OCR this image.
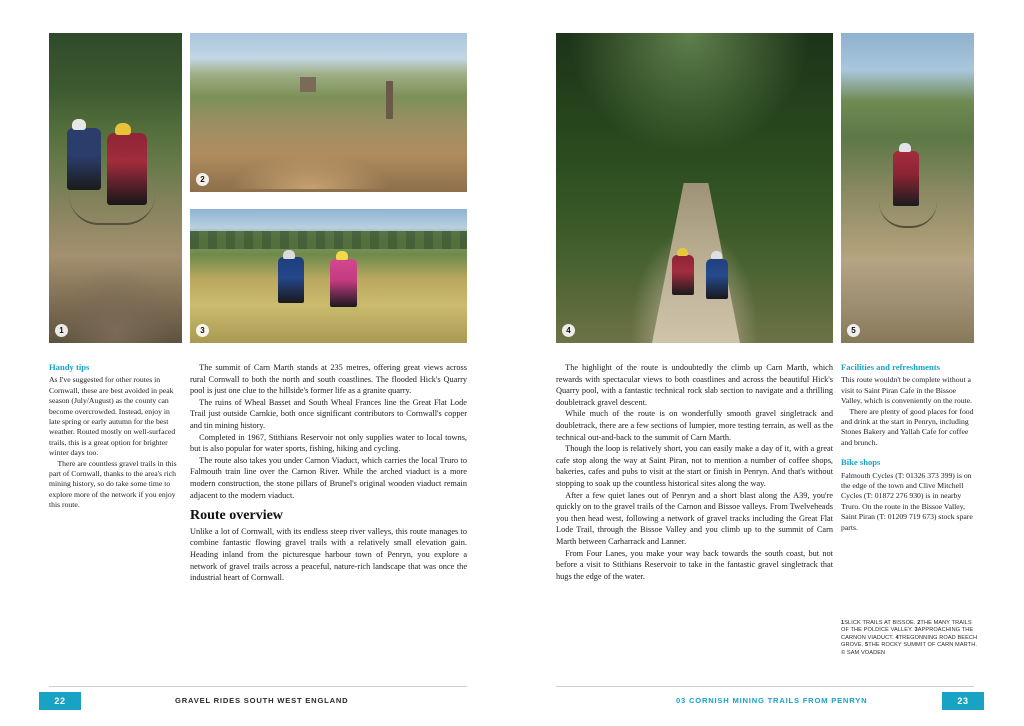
1
2
3	4	5
Handy tips

As I've suggested for other routes in Cornwall, these are best avoided in peak season (July/August) as the county can become overcrowded. Instead, enjoy in late spring or early autumn for the best weather. Routed mostly on well-surfaced trails, this is a great option for brighter winter days too.

There are countless gravel trails in this part of Cornwall, thanks to the area's rich mining history, so do take some time to explore more of the network if you enjoy this route.

The summit of Carn Marth stands at 235 metres, offering great views across rural Cornwall to both the north and south coastlines. The flooded Hick's Quarry pool is just one clue to the hillside's former life as a granite quarry.

The ruins of Wheal Basset and South Wheal Frances line the Great Flat Lode Trail just outside Carnkie, both once significant contributors to Cornwall's copper and tin mining history.

Completed in 1967, Stithians Reservoir not only supplies water to local towns, but is also popular for water sports, fishing, hiking and cycling.

The route also takes you under Carnon Viaduct, which carries the local Truro to Falmouth train line over the Carnon River. While the arched viaduct is a more modern construction, the stone pillars of Brunel's original wooden viaduct remain adjacent to the modern viaduct.

Route overview

Unlike a lot of Cornwall, with its endless steep river valleys, this route manages to combine fantastic flowing gravel trails with a relatively small elevation gain. Heading inland from the picturesque harbour town of Penryn, you explore a network of gravel trails across a peaceful, nature-rich landscape that was once the industrial heart of Cornwall.

The highlight of the route is undoubtedly the climb up Carn Marth, which rewards with spectacular views to both coastlines and across the beautiful Hick's Quarry pool, with a fantastic technical rock slab section to navigate and a thrilling doubletrack gravel descent.

While much of the route is on wonderfully smooth gravel singletrack and doubletrack, there are a few sections of lumpier, more testing terrain, as well as the technical out-and-back to the summit of Carn Marth.

Though the loop is relatively short, you can easily make a day of it, with a great cafe stop along the way at Saint Piran, not to mention a number of coffee shops, bakeries, cafes and pubs to visit at the start or finish in Penryn. And that's without stopping to soak up the countless historical sites along the way.

After a few quiet lanes out of Penryn and a short blast along the A39, you're quickly on to the gravel trails of the Carnon and Bissoe valleys. From Twelveheads you then head west, following a network of gravel tracks including the Great Flat Lode Trail, through the Bissoe Valley and you climb up to the summit of Carn Marth between Carharrack and Lanner.

From Four Lanes, you make your way back towards the south coast, but not before a visit to Stithians Reservoir to take in the fantastic gravel singletrack that hugs the edge of the water.

Facilities and refreshments

This route wouldn't be complete without a visit to Saint Piran Cafe in the Bissoe Valley, which is conveniently on the route.

There are plenty of good places for food and drink at the start in Penryn, including Stones Bakery and Yallah Cafe for coffee and brunch.

Bike shops

Falmouth Cycles (T: 01326 373 399) is on the edge of the town and Clive Mitchell Cycles (T: 01872 276 930) is in nearby Truro. On the route in the Bissoe Valley, Saint Piran (T: 01209 719 673) stock spare parts.

1SLICK TRAILS AT BISSOE. 2THE MANY TRAILS OF THE POLDICE VALLEY. 3APPROACHING THE CARNON VIADUCT. 4TREGONNING ROAD BEECH GROVE. 5THE ROCKY SUMMIT OF CARN MARTH. © SAM VOADEN
22	GRAVEL RIDES SOUTH WEST ENGLAND	03 CORNISH MINING TRAILS FROM PENRYN	23
